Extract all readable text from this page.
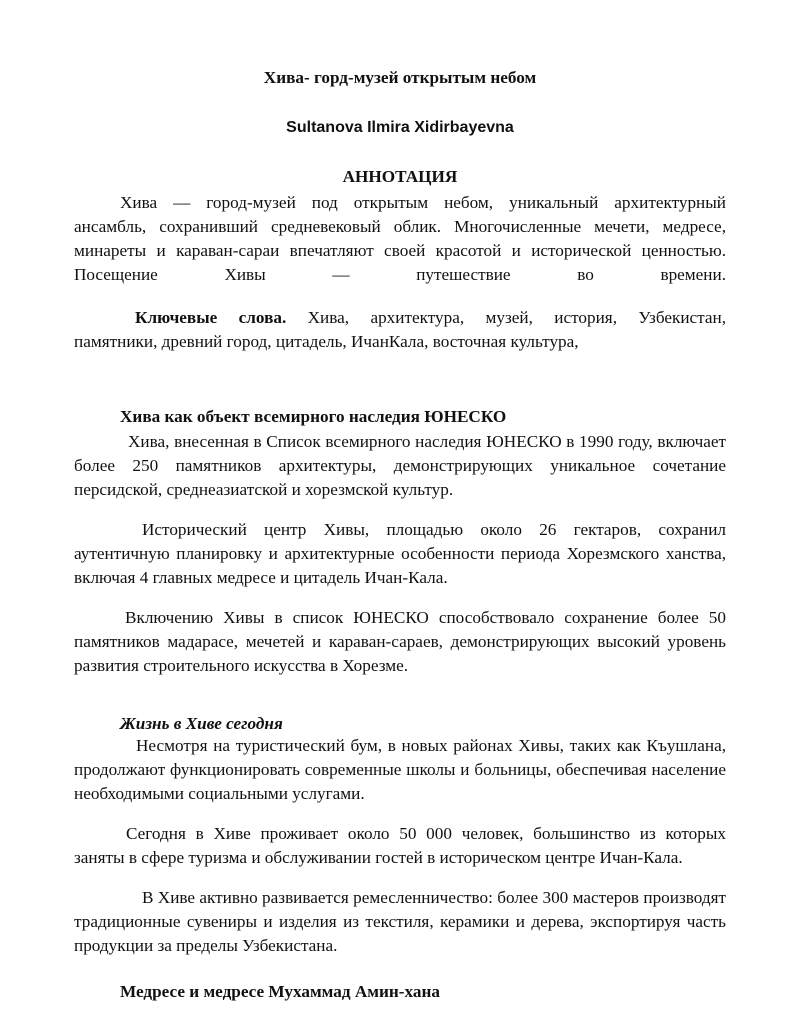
Хива- горд-музей открытым небом

Sultanova Ilmira Xidirbayevna

АННОТАЦИЯ

Хива — город-музей под открытым небом, уникальный архитектурный
ансамбль, сохранивший средневековый облик. Многочисленные мечети, медресе,
минареты и караван-сараи впечатляют своей красотой и исторической ценностью.
Посещение Хивы — путешествие во времени.
Ключевые слова. Хива, архитектура, музей, история, Узбекистан,
памятники, древний город, цитадель, ИчанКала, восточная культура,

Хива как объект всемирного наследия ЮНЕСКО

Хива, внесенная в Список всемирного наследия ЮНЕСКО в 1990 году, включает более 250 памятников архитектуры, демонстрирующих уникальное сочетание персидской, среднеазиатской и хорезмской культур.

Исторический центр Хивы, площадью около 26 гектаров, сохранил аутентичную планировку и архитектурные особенности периода Хорезмского ханства, включая 4 главных медресе и цитадель Ичан-Кала.

Включению Хивы в список ЮНЕСКО способствовало сохранение более 50 памятников мадарасе, мечетей и караван-сараев, демонстрирующих высокий уровень развития строительного искусства в Хорезме.

Жизнь в Хиве сегодня

Несмотря на туристический бум, в новых районах Хивы, таких как Къушлана, продолжают функционировать современные школы и больницы, обеспечивая население необходимыми социальными услугами.

Сегодня в Хиве проживает около 50 000 человек, большинство из которых заняты в сфере туризма и обслуживании гостей в историческом центре Ичан-Кала.

В Хиве активно развивается ремесленничество: более 300 мастеров производят традиционные сувениры и изделия из текстиля, керамики и дерева, экспортируя часть продукции за пределы Узбекистана.

Медресе и медресе Мухаммад Амин-хана
